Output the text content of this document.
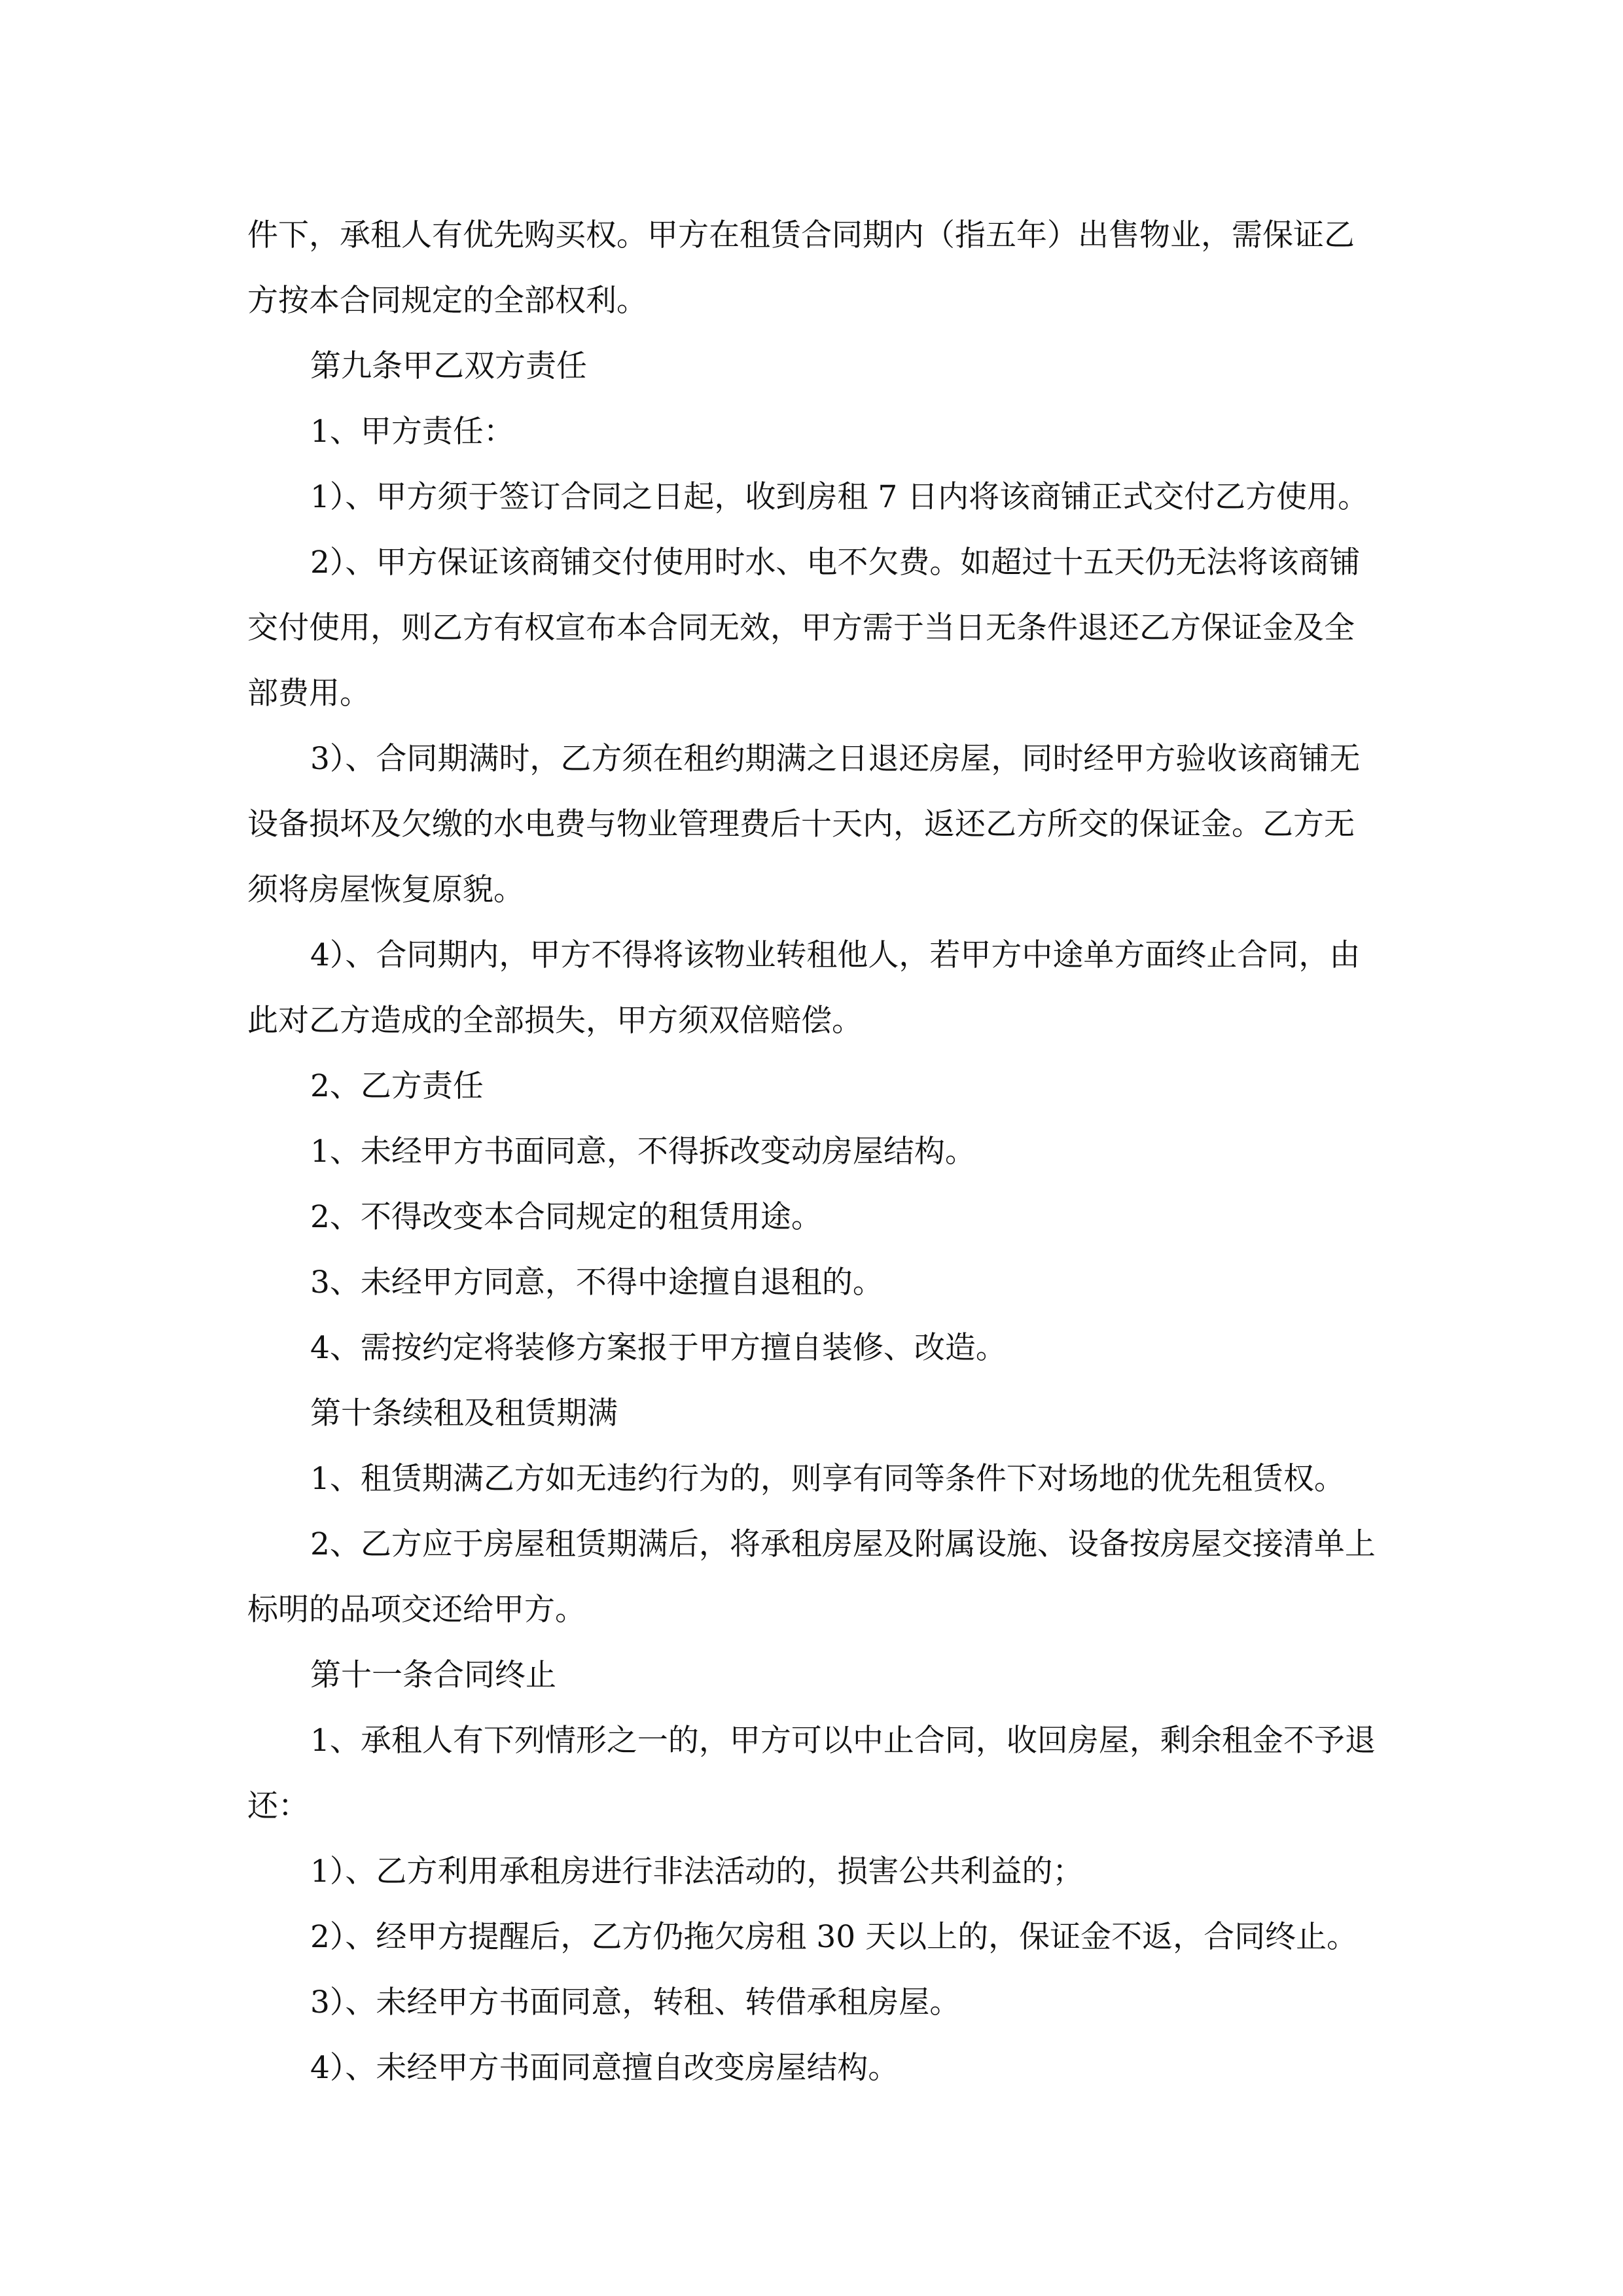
件下，承租人有优先购买权。甲方在租赁合同期内（指五年）出售物业，需保证乙方按本合同规定的全部权利。

第九条甲乙双方责任

1、甲方责任：

1）、甲方须于签订合同之日起，收到房租 7 日内将该商铺正式交付乙方使用。

2）、甲方保证该商铺交付使用时水、电不欠费。如超过十五天仍无法将该商铺交付使用，则乙方有权宣布本合同无效，甲方需于当日无条件退还乙方保证金及全部费用。

3）、合同期满时，乙方须在租约期满之日退还房屋，同时经甲方验收该商铺无设备损坏及欠缴的水电费与物业管理费后十天内，返还乙方所交的保证金。乙方无须将房屋恢复原貌。

4）、合同期内，甲方不得将该物业转租他人，若甲方中途单方面终止合同，由此对乙方造成的全部损失，甲方须双倍赔偿。

2、乙方责任

1、未经甲方书面同意，不得拆改变动房屋结构。

2、不得改变本合同规定的租赁用途。

3、未经甲方同意，不得中途擅自退租的。

4、需按约定将装修方案报于甲方擅自装修、改造。

第十条续租及租赁期满

1、租赁期满乙方如无违约行为的，则享有同等条件下对场地的优先租赁权。

2、乙方应于房屋租赁期满后，将承租房屋及附属设施、设备按房屋交接清单上标明的品项交还给甲方。

第十一条合同终止

1、承租人有下列情形之一的，甲方可以中止合同，收回房屋，剩余租金不予退还：

1）、乙方利用承租房进行非法活动的，损害公共利益的；

2）、经甲方提醒后，乙方仍拖欠房租 30 天以上的，保证金不返，合同终止。

3）、未经甲方书面同意，转租、转借承租房屋。

4）、未经甲方书面同意擅自改变房屋结构。
